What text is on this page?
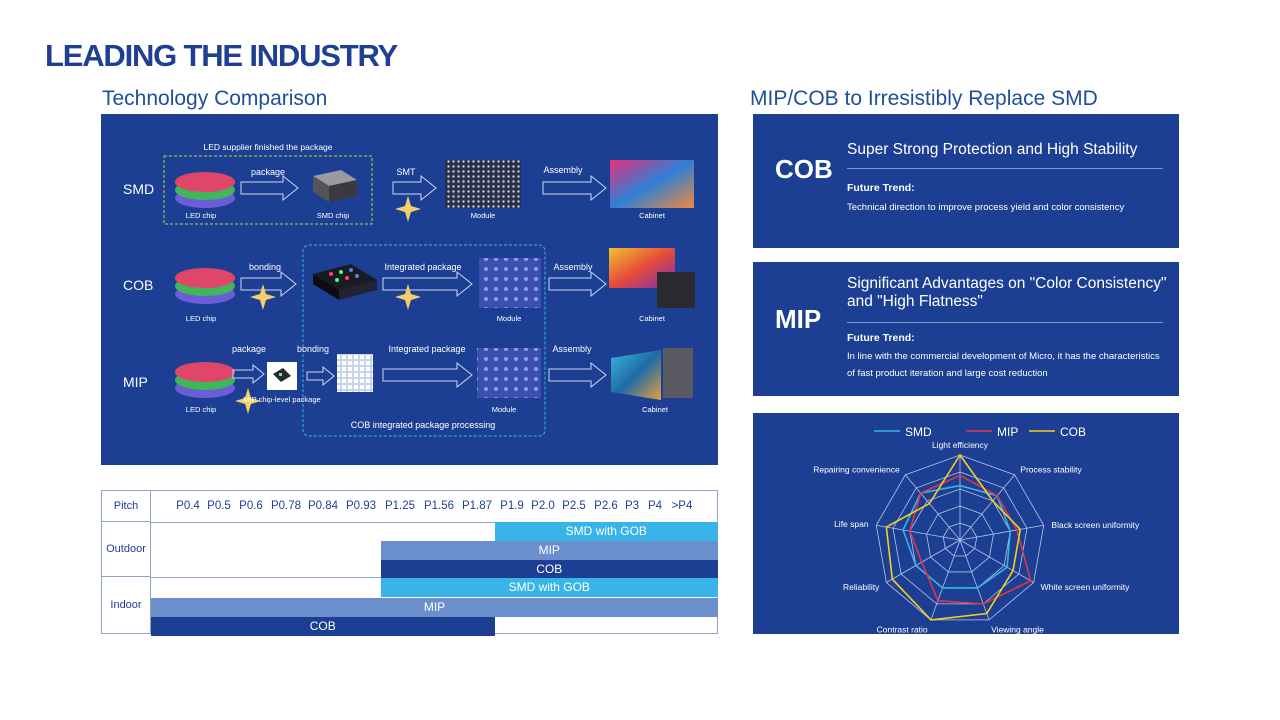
LEADING THE INDUSTRY
Technology Comparison	MIP/COB to Irresistibly Replace SMD
LED supplier finished the package
COB integrated package processing
SMD
LED chip
package
SMD chip
SMT
Module
Assembly
Cabinet
COB
LED chip
bonding	Integrated package
Module
Assembly
Cabinet
MIP
LED chip
package
MIP chip-level package
bonding	Integrated package
Module
Assembly
Cabinet
Pitch	P0.4 P0.5 P0.6 P0.78 P0.84 P0.93 P1.25 P1.56 P1.87 P1.9 P2.0 P2.5 P2.6 P3 P4 >P4
Outdoor
Indoor
SMD with GOB
MIP
COB
SMD with GOB
MIP
COB
COB
Super Strong Protection and High Stability
Future Trend:
Technical direction to improve process yield and color consistency
MIP
Significant Advantages on "Color Consistency" and "High Flatness"
Future Trend:
In line with the commercial development of Micro, it has the characteristics of fast product iteration and large cost reduction
Light efficiency
Process stability
Black screen uniformity
White screen uniformity
Viewing angle
Contrast ratio
Reliability
Life span
Repairing convenience
SMD	MIP	COB
